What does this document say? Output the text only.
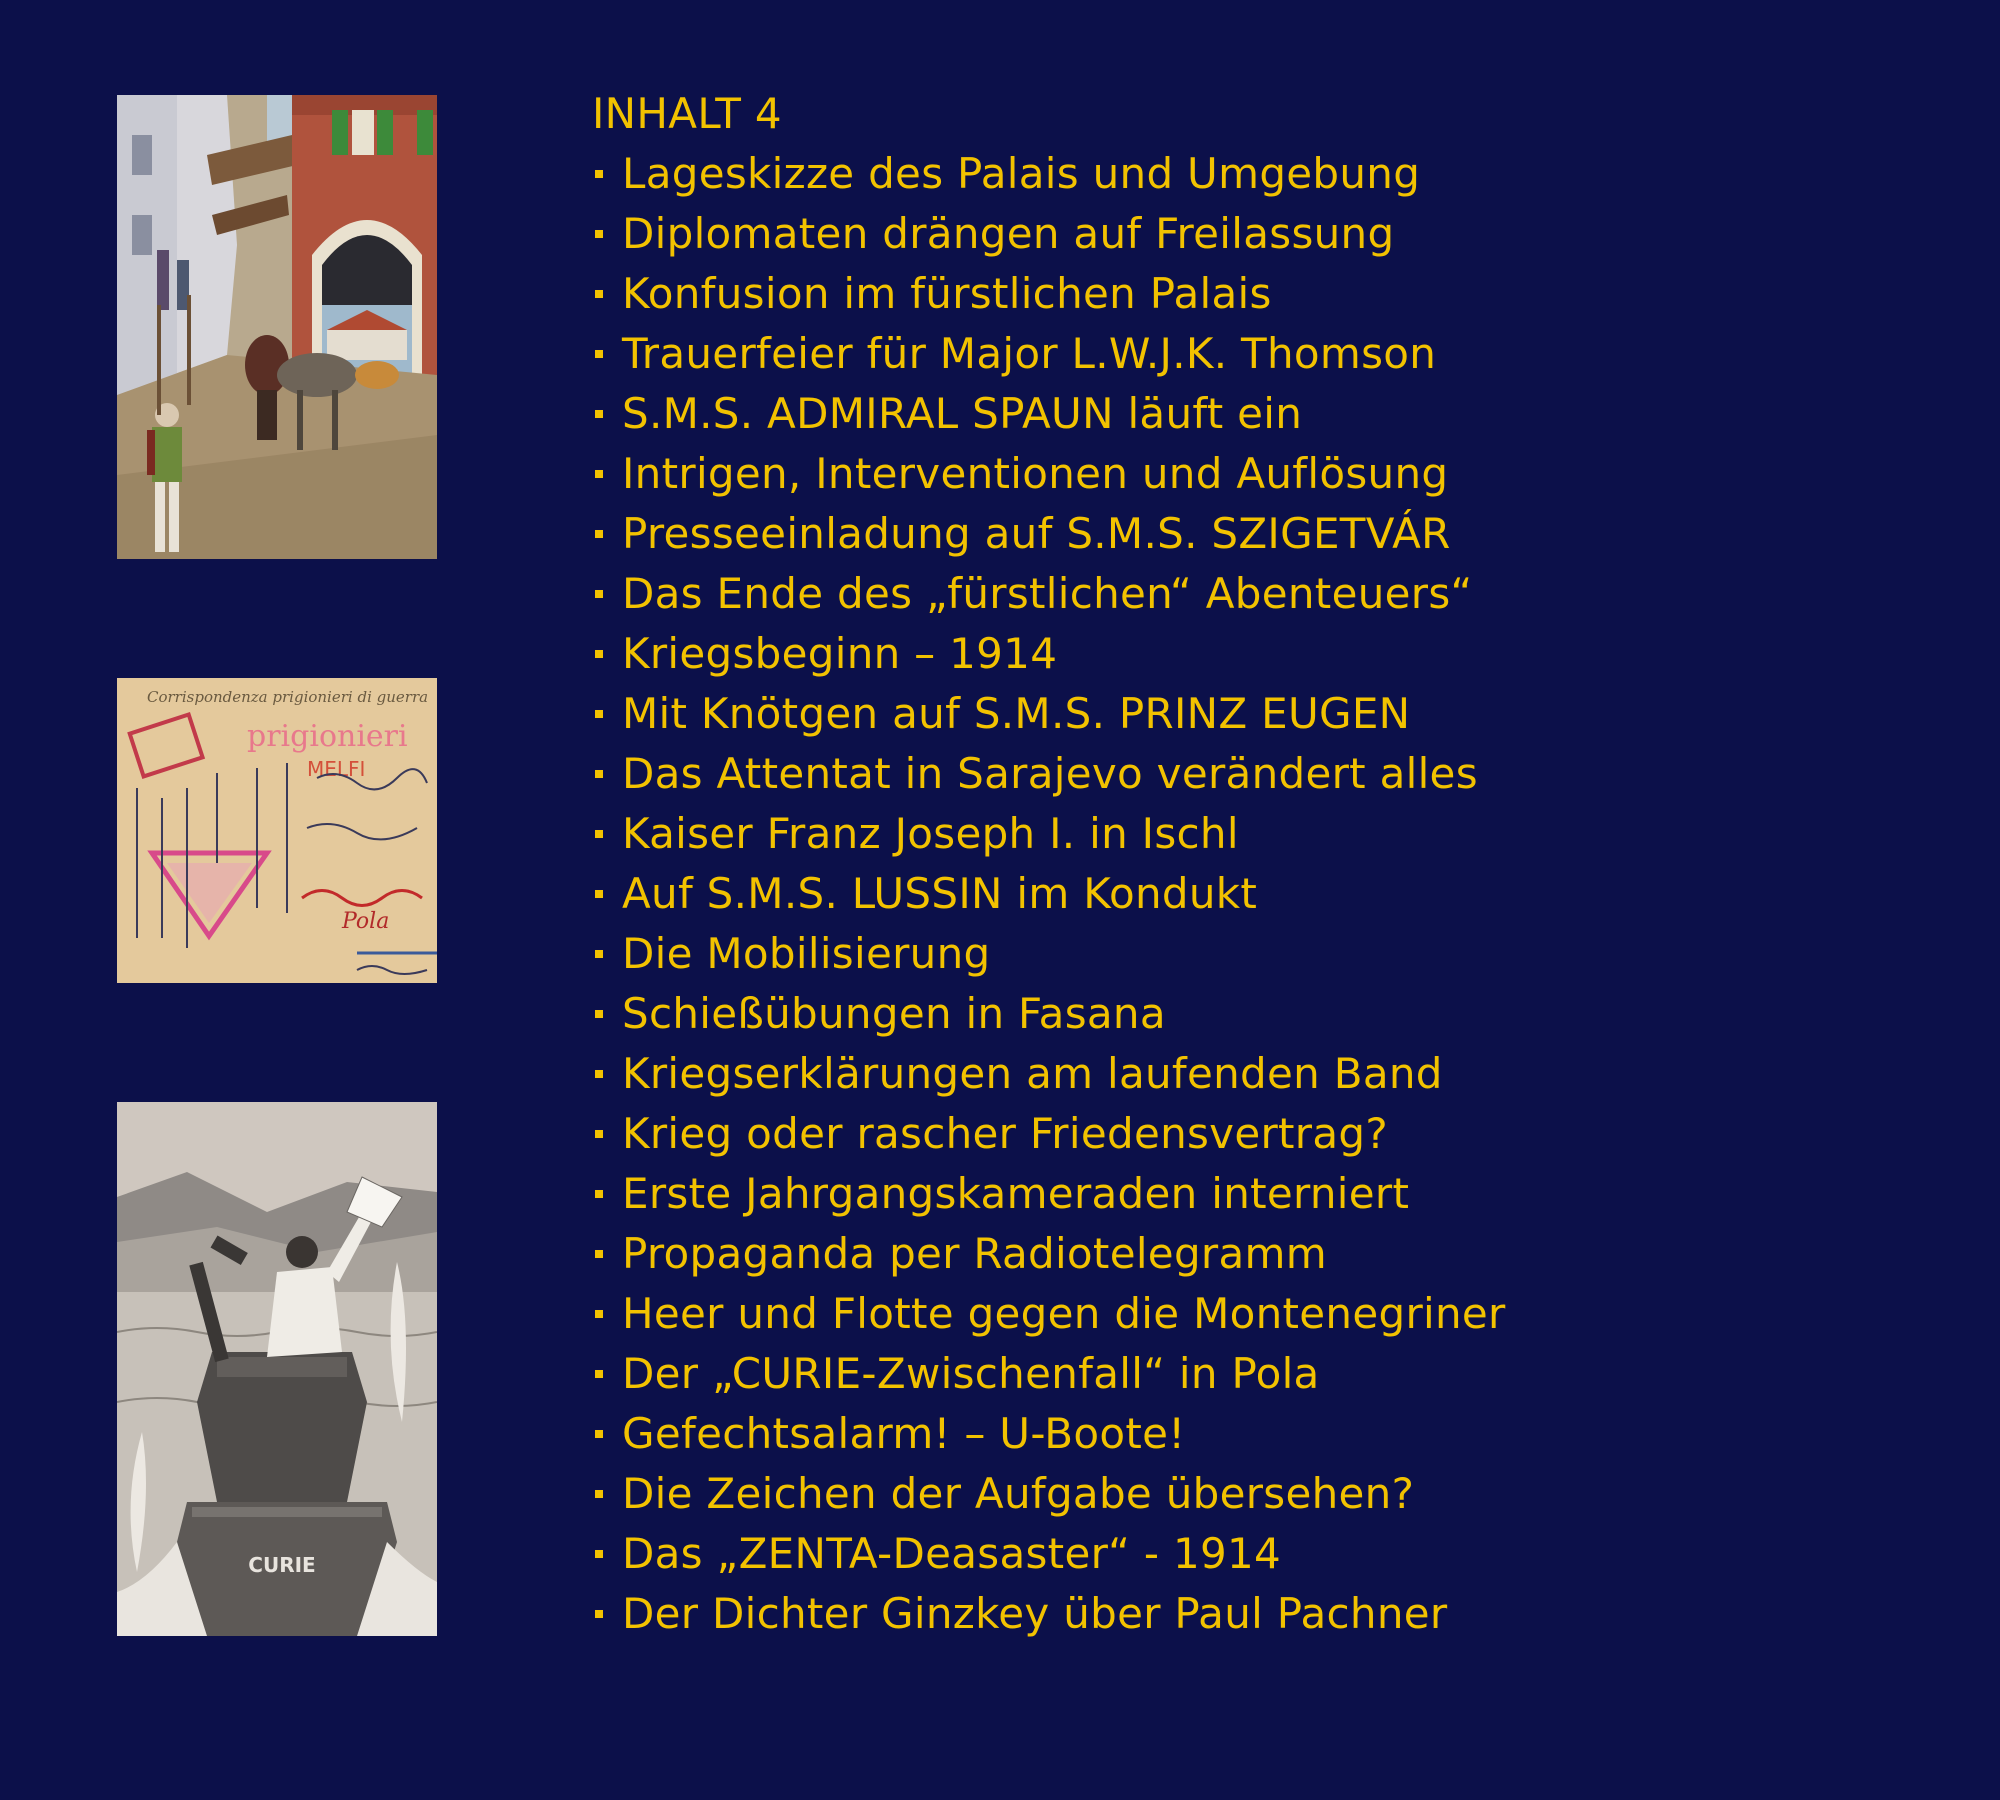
Corrispondenza prigionieri di guerra
prigionieri
MELFI
Pola
CURIE
INHALT 4
Lageskizze des Palais und Umgebung
Diplomaten drängen auf Freilassung
Konfusion im fürstlichen Palais
Trauerfeier für Major L.W.J.K. Thomson
S.M.S. ADMIRAL SPAUN läuft ein
Intrigen, Interventionen und Auflösung
Presseeinladung auf S.M.S. SZIGETVÁR
Das Ende des „fürstlichen“ Abenteuers“
Kriegsbeginn – 1914
Mit Knötgen auf S.M.S. PRINZ EUGEN
Das Attentat in Sarajevo verändert alles
Kaiser Franz Joseph I. in Ischl
Auf S.M.S. LUSSIN im Kondukt
Die Mobilisierung
Schießübungen in Fasana
Kriegserklärungen am laufenden Band
Krieg oder rascher Friedensvertrag?
Erste Jahrgangskameraden interniert
Propaganda per Radiotelegramm
Heer und Flotte gegen die Montenegriner
Der „CURIE-Zwischenfall“ in Pola
Gefechtsalarm! – U-Boote!
Die Zeichen der Aufgabe übersehen?
Das „ZENTA-Deasaster“ - 1914
Der Dichter Ginzkey über Paul Pachner
